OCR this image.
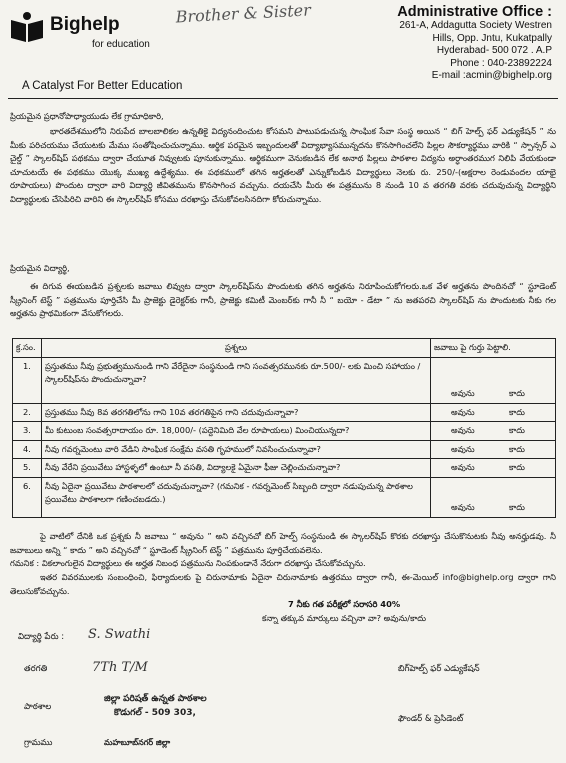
Bighelp
for education
A Catalyst For Better Education
Brother & Sister	Administrative Office :
261-A, Addagutta Society Westren
Hills, Opp. Jntu, Kukatpally
Hyderabad- 500 072 . A.P
Phone : 040-23892224
E-mail :acmin@bighelp.org
ప్రియమైన ప్రధానోపాధ్యాయుడు లేక గ్రామాధికారి,
భారతదేశములోని నిరుపేద బాలబాలికల ఉన్నతికై విద్యనందించుట కోసమని పాటుపడుచున్న సాంఘిక సేవా సంస్థ అయిన “ బిగ్ హెల్ప్ ఫర్ ఎడ్యుకేషన్ ” ను మీకు పరిచయము చేయుటకు మేము సంతోషించుచున్నాము. ఆర్థిక పరమైన ఇబ్బందులతో విద్యాభ్యాసమున్నదను కొనసాగించలేని పిల్లల సౌకర్యార్థము వారికి “ స్పాన్సర్ ఎ చైల్డ్ ” స్కాలర్‌షిప్ పథకము ద్వారా చేయూత నివ్వుటకు పూనుకున్నాము. ఆర్థికముగా వెనుకబడిన లేక అనాథ పిల్లలు పాఠశాల విద్యను అర్ధాంతరముగ నిలిపి వేయకుండా చూచుటయే ఈ పథకము యొక్క ముఖ్య ఉద్దేశ్యము. ఈ పథకములో తగిన అర్హతలతో ఎన్నుకోబడిన విద్యార్థులు నెలకు రు. 250/-(అక్షరాల రెండువందల యాభై రూపాయలు) పొందుట ద్వారా వారి విద్యార్థి జీవితమును కొనసాగించ వచ్చును. దయచేసి మీరు ఈ పత్రమును 8 నుండి 10 వ తరగతి వరకు చదువుచున్న విద్యార్థిని విద్యార్థులకు చేసెపిరిచి వారిని ఈ స్కాలర్‌షిప్ కోసము దరఖాస్తు చేసుకోవలసినదిగా కోరుచున్నాము.
ప్రియమైన విద్యార్థి,
ఈ దిగువ ఈయబడిన ప్రశ్నలకు జవాబు లివ్వుట ద్వారా స్కాలర్‌షిప్‌ను పొందుటకు తగిన అర్హతను నిరూపించుకోగలరు.ఒక వేళ అర్హతను పొందినచో “ స్టూడెంట్ స్క్రీనింగ్ టెస్ట్ ” పత్రమును పూర్తిచేసి మీ ప్రాజెక్టు డైరెక్టర్‌కు గానీ, ప్రాజెక్టు కమిటీ మెంబర్‌కు గానీ నీ “ బయో - డేటా ” ను జతపరచి స్కాలర్‌షిప్ ను పొందుటకు నీకు గల అర్హతను ప్రాథమికంగా వేసుకోగలరు.
క్ర.సం.	ప్రశ్నలు	జవాబు పై గుర్తు పెట్టాలి.
1.	ప్రస్తుతము నీవు ప్రభుత్వమునుండి గాని వేరేదైనా సంస్థనుండి గాని సంవత్సరమునకు రూ.500/- లకు మించి సహాయం / స్కాలర్‌షిప్‌ను పొందుచున్నావా?	అవును కాదు

2.	ప్రస్తుతము నీవు 8వ తరగతిలోను గాని 10వ తరగతిపైన గాని చదువుచున్నావా?	అవును కాదు

3.	మీ కుటుంబ సంవత్సరాదాయం రూ. 18,000/- (పద్దెనిమిది వేల రూపాయలు) మించియున్నదా?	అవును కాదు

4.	నీవు గవర్నమెంటు వారి వేడిని సాంఘిక సంక్షేమ వసతి గృహములో నివసించుచున్నావా?	అవును కాదు

5.	నీవు వేరేని ప్రయివేటు హాస్టళ్ళలో ఉంటూ నీ వసతి, విద్యాలకై ఏమైనా ఫీజు చెల్లించుచున్నావా?	అవును కాదు

6.	నీవు ఏదైనా ప్రయివేటు పాఠశాలలో చదువుచున్నావా? (గమనిక - గవర్నమెంట్ సిబ్బంది ద్వారా నడుపుచున్న పాఠశాల ప్రయివేటు పాఠశాలగా గణించబడదు.)	అవును కాదు
పై వాటిలో దేనికి ఒక ప్రశ్నకు నీ జవాబు “ అవును ” అని వచ్చినచో బిగ్ హెల్ప్ సంస్థనుండి ఈ స్కాలర్‌షిప్ కొరకు దరఖాస్తు చేసుకొనుటకు నీవు అనర్హుడవు. నీ జవాబులు అన్ని “ కాదు ” అని వచ్చినచో “ స్టూడెంట్ స్క్రీనింగ్ టెస్ట్ ” పత్రమును పూర్తిచేయవలెను.
గమనిక : వికలాంగులైన విద్యార్థులు ఈ అర్హత నిబంధ పత్రమును నింపకుండానే నేరుగా దరఖాస్తు చేసుకోవచ్చును.
ఇతర వివరములకు సంబంధించి, ఫిర్యాదులకు పై చిరునామాకు ఏదైనా చిరునామాకు ఉత్తరము ద్వారా గానీ, ఈ-మెయిల్ info@bighelp.org ద్వారా గాని తెలుసుకోవచ్చును.
7 నీకు గత పరీక్షలో సరాసరి 40%
కన్నా తక్కువ మార్కులు వచ్చినా వా? అవును/కాదు
విద్యార్థి పేరు : S. Swathi
తరగతి	7Th T/M
పాఠశాల
జిల్లా పరిషత్ ఉన్నత పాఠశాల
కొడుగల్ - 509 303,
గ్రామము	మహబూబ్‌నగర్ జిల్లా
బిగ్‌హెల్ప్ ఫర్ ఎడ్యుకేషన్
ఫౌండర్ & ప్రెసిడెంట్
